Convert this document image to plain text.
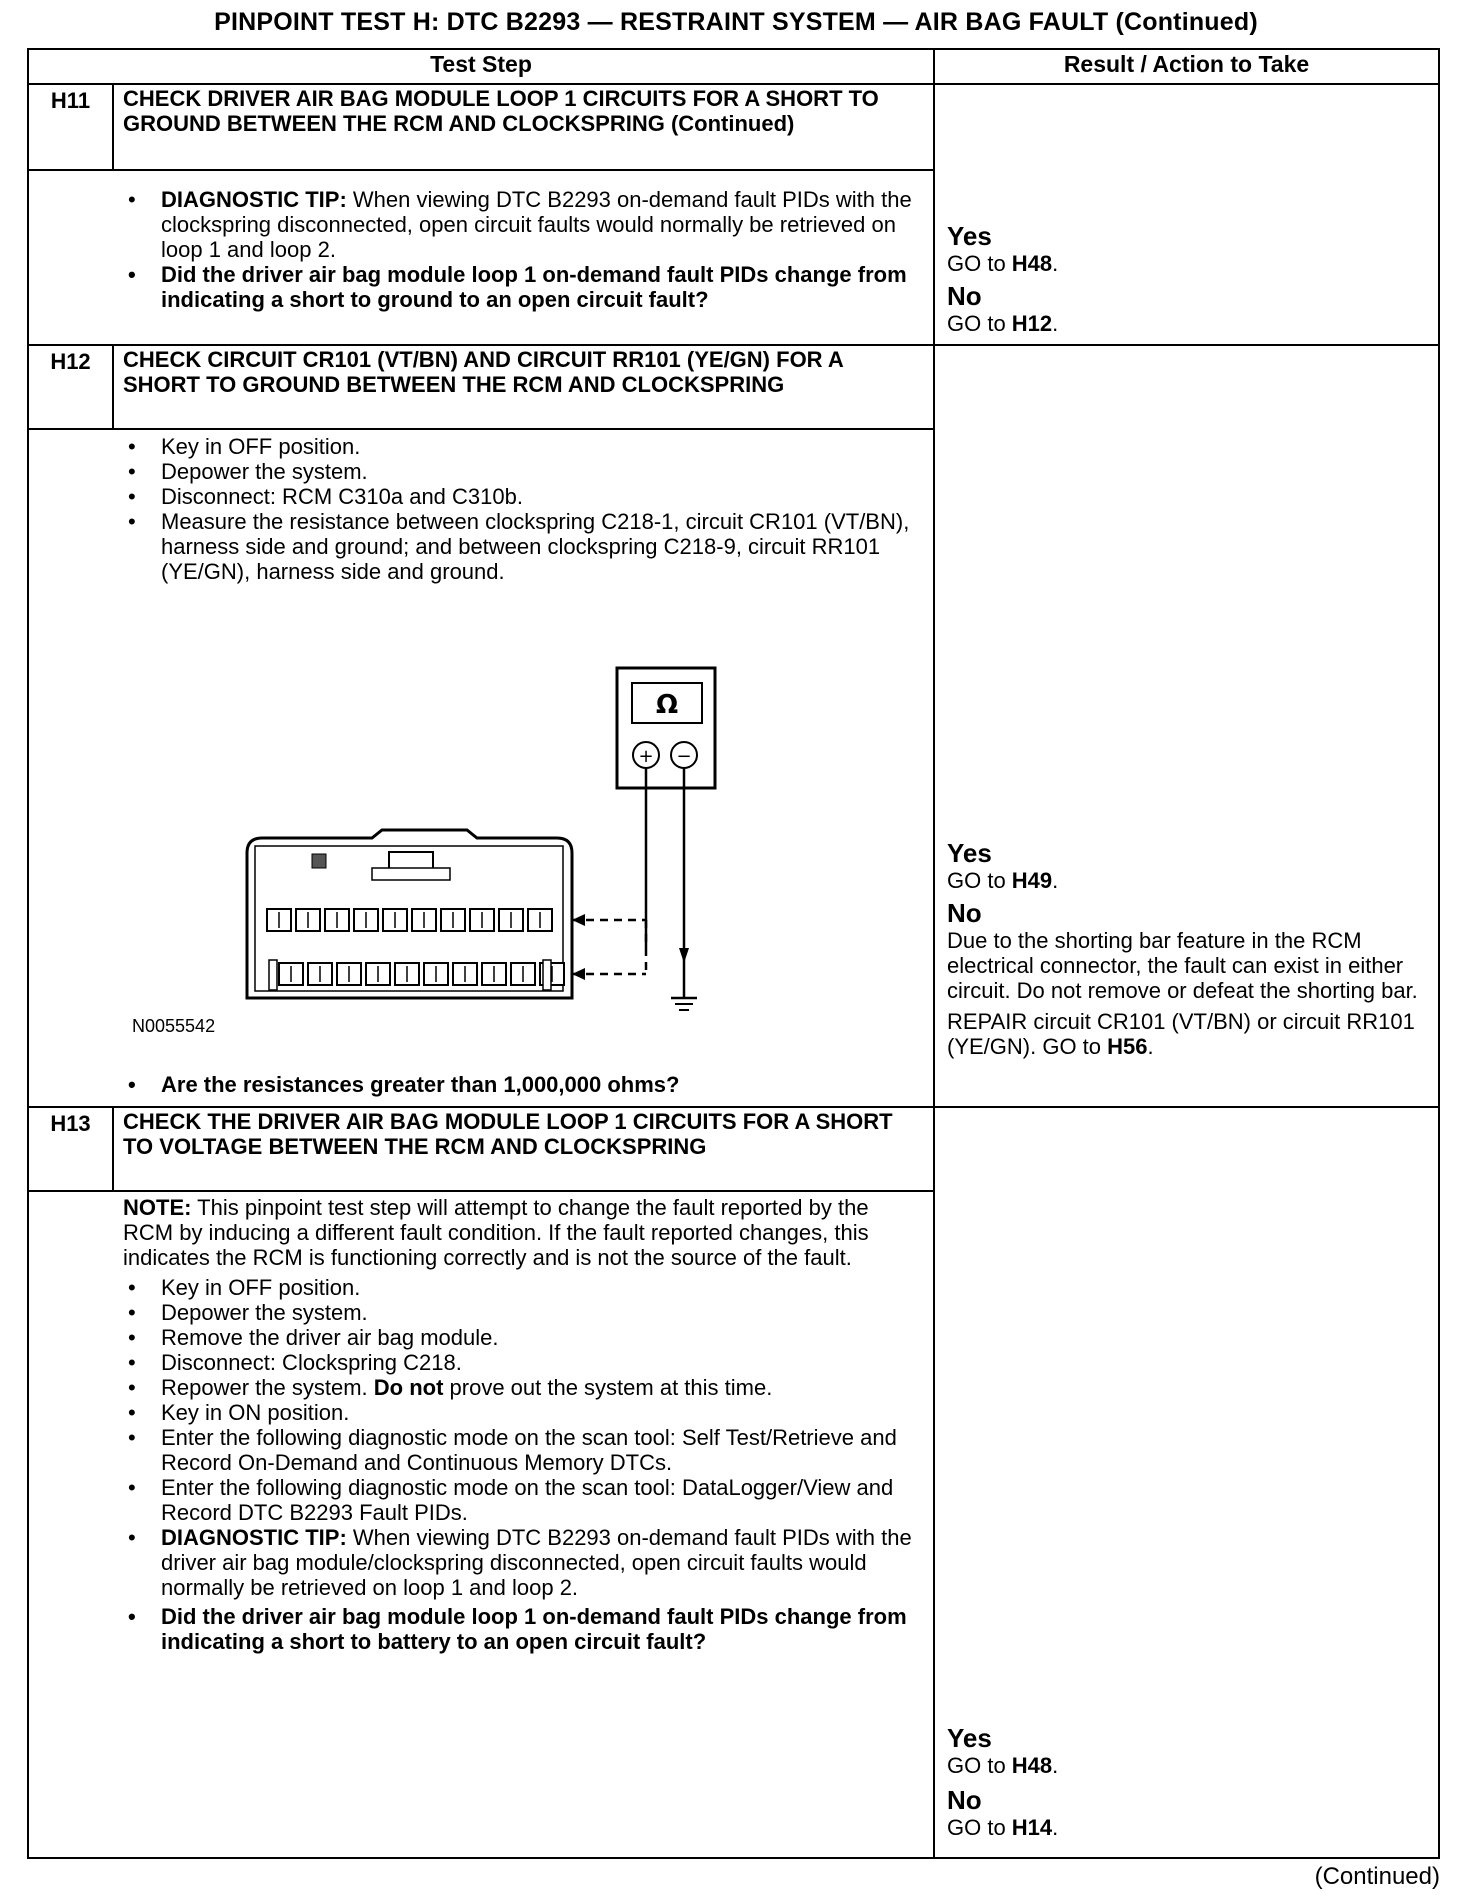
PINPOINT TEST H: DTC B2293 — RESTRAINT SYSTEM — AIR BAG FAULT (Continued)
Test Step	Result / Action to Take
H11	CHECK DRIVER AIR BAG MODULE LOOP 1 CIRCUITS FOR A SHORT TO GROUND BETWEEN THE RCM AND CLOCKSPRING (Continued)
• DIAGNOSTIC TIP: When viewing DTC B2293 on-demand fault PIDs with the clockspring disconnected, open circuit faults would normally be retrieved on loop 1 and loop 2.
• Did the driver air bag module loop 1 on-demand fault PIDs change from indicating a short to ground to an open circuit fault?
Yes
GO to H48.
No
GO to H12.
H12	CHECK CIRCUIT CR101 (VT/BN) AND CIRCUIT RR101 (YE/GN) FOR A SHORT TO GROUND BETWEEN THE RCM AND CLOCKSPRING
• Key in OFF position.
• Depower the system.
• Disconnect: RCM C310a and C310b.
• Measure the resistance between clockspring C218-1, circuit CR101 (VT/BN), harness side and ground; and between clockspring C218-9, circuit RR101 (YE/GN), harness side and ground.
Ω
+ −
N0055542
• Are the resistances greater than 1,000,000 ohms?
Yes
GO to H49.
No
Due to the shorting bar feature in the RCM electrical connector, the fault can exist in either circuit. Do not remove or defeat the shorting bar.
REPAIR circuit CR101 (VT/BN) or circuit RR101 (YE/GN). GO to H56.
H13	CHECK THE DRIVER AIR BAG MODULE LOOP 1 CIRCUITS FOR A SHORT TO VOLTAGE BETWEEN THE RCM AND CLOCKSPRING
NOTE: This pinpoint test step will attempt to change the fault reported by the RCM by inducing a different fault condition. If the fault reported changes, this indicates the RCM is functioning correctly and is not the source of the fault.
• Key in OFF position.
• Depower the system.
• Remove the driver air bag module.
• Disconnect: Clockspring C218.
• Repower the system. Do not prove out the system at this time.
• Key in ON position.
• Enter the following diagnostic mode on the scan tool: Self Test/Retrieve and Record On-Demand and Continuous Memory DTCs.
• Enter the following diagnostic mode on the scan tool: DataLogger/View and Record DTC B2293 Fault PIDs.
• DIAGNOSTIC TIP: When viewing DTC B2293 on-demand fault PIDs with the driver air bag module/clockspring disconnected, open circuit faults would normally be retrieved on loop 1 and loop 2.
• Did the driver air bag module loop 1 on-demand fault PIDs change from indicating a short to battery to an open circuit fault?
Yes
GO to H48.
No
GO to H14.
(Continued)
